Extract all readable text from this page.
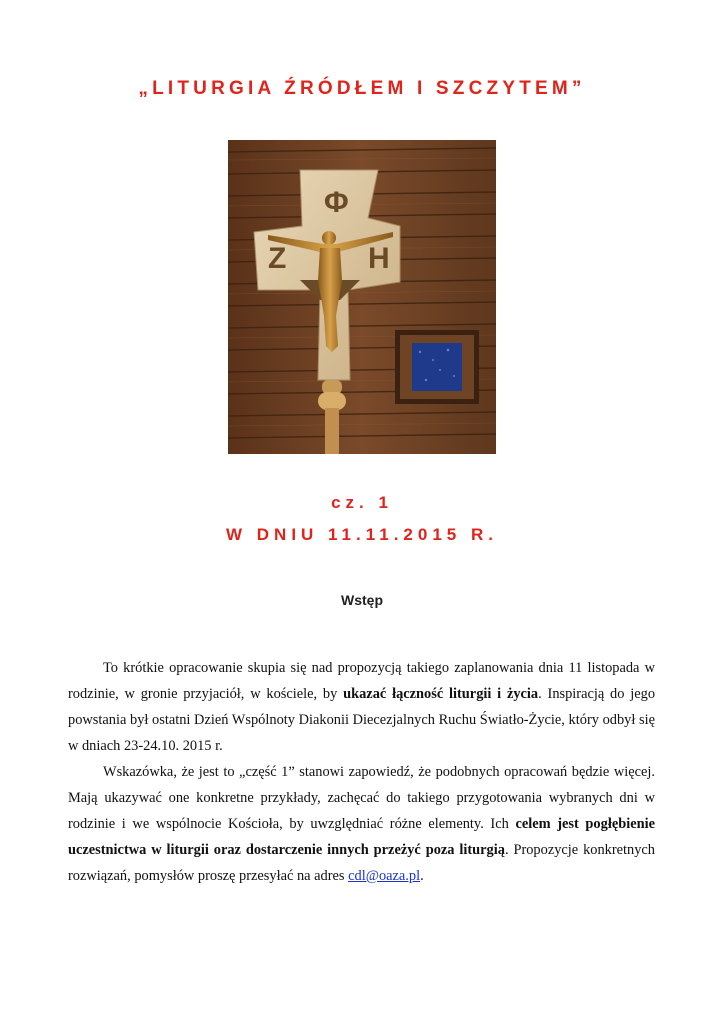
„LITURGIA ŹRÓDŁEM I SZCZYTEM”
Φ
Z	H
cz. 1
W DNIU 11.11.2015 R.
Wstęp

To krótkie opracowanie skupia się nad propozycją takiego zaplanowania dnia 11 listopada w rodzinie, w gronie przyjaciół, w kościele, by ukazać łączność liturgii i życia. Inspiracją do jego powstania był ostatni Dzień Wspólnoty Diakonii Diecezjalnych Ruchu Światło-Życie, który odbył się w dniach 23-24.10. 2015 r.

Wskazówka, że jest to „część 1” stanowi zapowiedź, że podobnych opracowań będzie więcej. Mają ukazywać one konkretne przykłady, zachęcać do takiego przygotowania wybranych dni w rodzinie i we wspólnocie Kościoła, by uwzględniać różne elementy. Ich celem jest pogłębienie uczestnictwa w liturgii oraz dostarczenie innych przeżyć poza liturgią. Propozycje konkretnych rozwiązań, pomysłów proszę przesyłać na adres cdl@oaza.pl.
